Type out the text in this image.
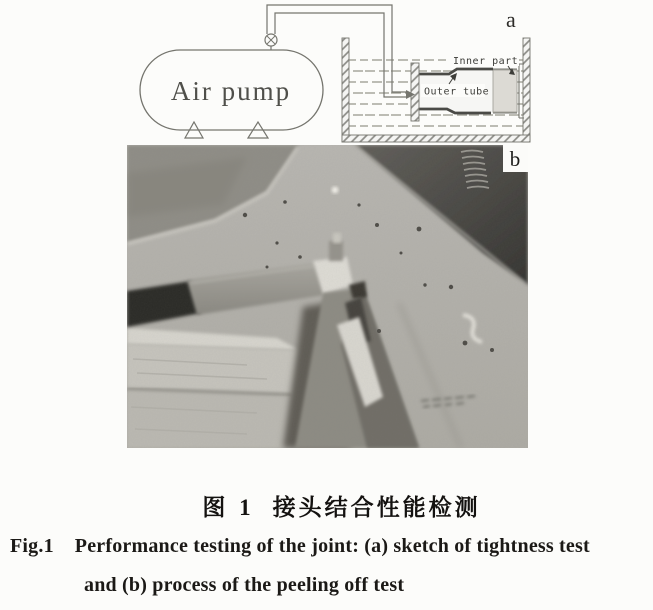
Air pump
Inner part
Outer tube
a
b
图 1 接头结合性能检测
Fig.1 Performance testing of the joint: (a) sketch of tightness test
and (b) process of the peeling off test
